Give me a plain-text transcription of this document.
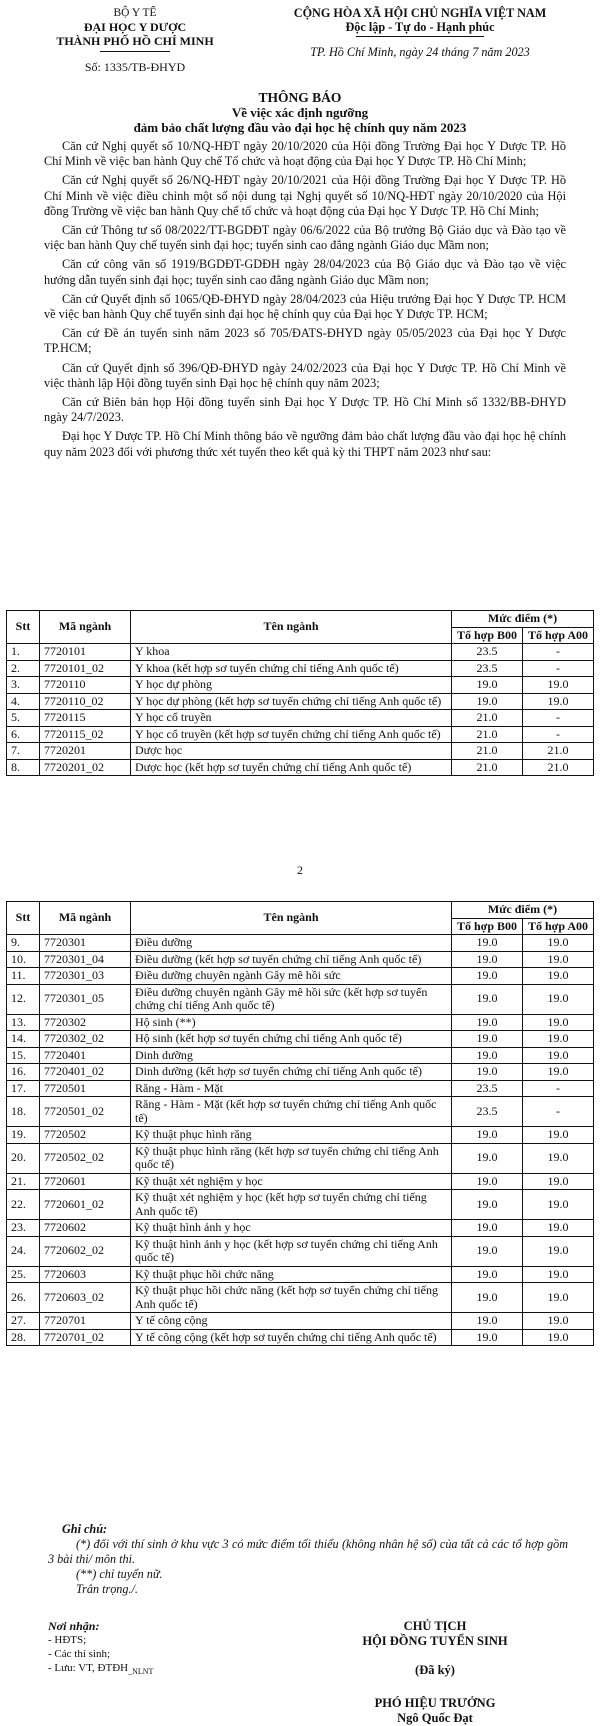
BỘ Y TẾ
ĐẠI HỌC Y DƯỢC
THÀNH PHỐ HỒ CHÍ MINH
Số: 1335/TB-ĐHYD
CỘNG HÒA XÃ HỘI CHỦ NGHĨA VIỆT NAM
Độc lập - Tự do - Hạnh phúc
TP. Hồ Chí Minh, ngày 24 tháng 7 năm 2023
THÔNG BÁO
Về việc xác định ngưỡng
đảm bảo chất lượng đầu vào đại học hệ chính quy năm 2023

Căn cứ Nghị quyết số 10/NQ-HĐT ngày 20/10/2020 của Hội đồng Trường Đại học Y Dược TP. Hồ Chí Minh về việc ban hành Quy chế Tổ chức và hoạt động của Đại học Y Dược TP. Hồ Chí Minh;

Căn cứ Nghị quyết số 26/NQ-HĐT ngày 20/10/2021 của Hội đồng Trường Đại học Y Dược TP. Hồ Chí Minh về việc điều chỉnh một số nội dung tại Nghị quyết số 10/NQ-HĐT ngày 20/10/2020 của Hội đồng Trường về việc ban hành Quy chế tổ chức và hoạt động của Đại học Y Dược TP. Hồ Chí Minh;

Căn cứ Thông tư số 08/2022/TT-BGDĐT ngày 06/6/2022 của Bộ trưởng Bộ Giáo dục và Đào tạo về việc ban hành Quy chế tuyển sinh đại học; tuyển sinh cao đẳng ngành Giáo dục Mầm non;

Căn cứ công văn số 1919/BGDĐT-GDĐH ngày 28/04/2023 của Bộ Giáo dục và Đào tạo về việc hướng dẫn tuyển sinh đại học; tuyển sinh cao đẳng ngành Giáo dục Mầm non;

Căn cứ Quyết định số 1065/QĐ-ĐHYD ngày 28/04/2023 của Hiệu trưởng Đại học Y Dược TP. HCM về việc ban hành Quy chế tuyển sinh đại học hệ chính quy của Đại học Y Dược TP. HCM;

Căn cứ Đề án tuyển sinh năm 2023 số 705/ĐATS-ĐHYD ngày 05/05/2023 của Đại học Y Dược TP.HCM;

Căn cứ Quyết định số 396/QĐ-ĐHYD ngày 24/02/2023 của Đại học Y Dược TP. Hồ Chí Minh về việc thành lập Hội đồng tuyển sinh Đại học hệ chính quy năm 2023;

Căn cứ Biên bản họp Hội đồng tuyển sinh Đại học Y Dược TP. Hồ Chí Minh số 1332/BB-ĐHYD ngày 24/7/2023.

Đại học Y Dược TP. Hồ Chí Minh thông báo về ngưỡng đảm bảo chất lượng đầu vào đại học hệ chính quy năm 2023 đối với phương thức xét tuyển theo kết quả kỳ thi THPT năm 2023 như sau:

Stt	Mã ngành	Tên ngành	Mức điểm (*)	
			Tổ hợp B00	Tổ hợp A00
1.	7720101	Y khoa	23.5	-
2.	7720101_02	Y khoa (kết hợp sơ tuyển chứng chỉ tiếng Anh quốc tế)	23.5	-
3.	7720110	Y học dự phòng	19.0	19.0
4.	7720110_02	Y học dự phòng (kết hợp sơ tuyển chứng chỉ tiếng Anh quốc tế)	19.0	19.0
5.	7720115	Y học cổ truyền	21.0	-
6.	7720115_02	Y học cổ truyền (kết hợp sơ tuyển chứng chỉ tiếng Anh quốc tế)	21.0	-
7.	7720201	Dược học	21.0	21.0
8.	7720201_02	Dược học (kết hợp sơ tuyển chứng chỉ tiếng Anh quốc tế)	21.0	21.0
2
Stt	Mã ngành	Tên ngành	Mức điểm (*)	
			Tổ hợp B00	Tổ hợp A00
9.	7720301	Điều dưỡng	19.0	19.0
10.	7720301_04	Điều dưỡng (kết hợp sơ tuyển chứng chỉ tiếng Anh quốc tế)	19.0	19.0
11.	7720301_03	Điều dưỡng chuyên ngành Gây mê hồi sức	19.0	19.0
12.	7720301_05	Điều dưỡng chuyên ngành Gây mê hồi sức (kết hợp sơ tuyển chứng chỉ tiếng Anh quốc tế)	19.0	19.0
13.	7720302	Hộ sinh (**)	19.0	19.0
14.	7720302_02	Hộ sinh (kết hợp sơ tuyển chứng chỉ tiếng Anh quốc tế)	19.0	19.0
15.	7720401	Dinh dưỡng	19.0	19.0
16.	7720401_02	Dinh dưỡng (kết hợp sơ tuyển chứng chỉ tiếng Anh quốc tế)	19.0	19.0
17.	7720501	Răng - Hàm - Mặt	23.5	-
18.	7720501_02	Răng - Hàm - Mặt (kết hợp sơ tuyển chứng chỉ tiếng Anh quốc tế)	23.5	-
19.	7720502	Kỹ thuật phục hình răng	19.0	19.0
20.	7720502_02	Kỹ thuật phục hình răng (kết hợp sơ tuyển chứng chỉ tiếng Anh quốc tế)	19.0	19.0
21.	7720601	Kỹ thuật xét nghiệm y học	19.0	19.0
22.	7720601_02	Kỹ thuật xét nghiệm y học (kết hợp sơ tuyển chứng chỉ tiếng Anh quốc tế)	19.0	19.0
23.	7720602	Kỹ thuật hình ảnh y học	19.0	19.0
24.	7720602_02	Kỹ thuật hình ảnh y học (kết hợp sơ tuyển chứng chỉ tiếng Anh quốc tế)	19.0	19.0
25.	7720603	Kỹ thuật phục hồi chức năng	19.0	19.0
26.	7720603_02	Kỹ thuật phục hồi chức năng (kết hợp sơ tuyển chứng chỉ tiếng Anh quốc tế)	19.0	19.0
27.	7720701	Y tế công cộng	19.0	19.0
28.	7720701_02	Y tế công cộng (kết hợp sơ tuyển chứng chỉ tiếng Anh quốc tế)	19.0	19.0
Ghi chú:
(*) đối với thí sinh ở khu vực 3 có mức điểm tối thiểu (không nhân hệ số) của tất cả các tổ hợp gồm 3 bài thi/ môn thi.
(**) chỉ tuyển nữ.
Trân trọng./.
Nơi nhận:
- HĐTS;
- Các thí sinh;
- Lưu: VT, $ĐTĐH_{\_NLNT}$
CHỦ TỊCH
HỘI ĐỒNG TUYỂN SINH
(Đã ký)
PHÓ HIỆU TRƯỞNG
Ngô Quốc Đạt
